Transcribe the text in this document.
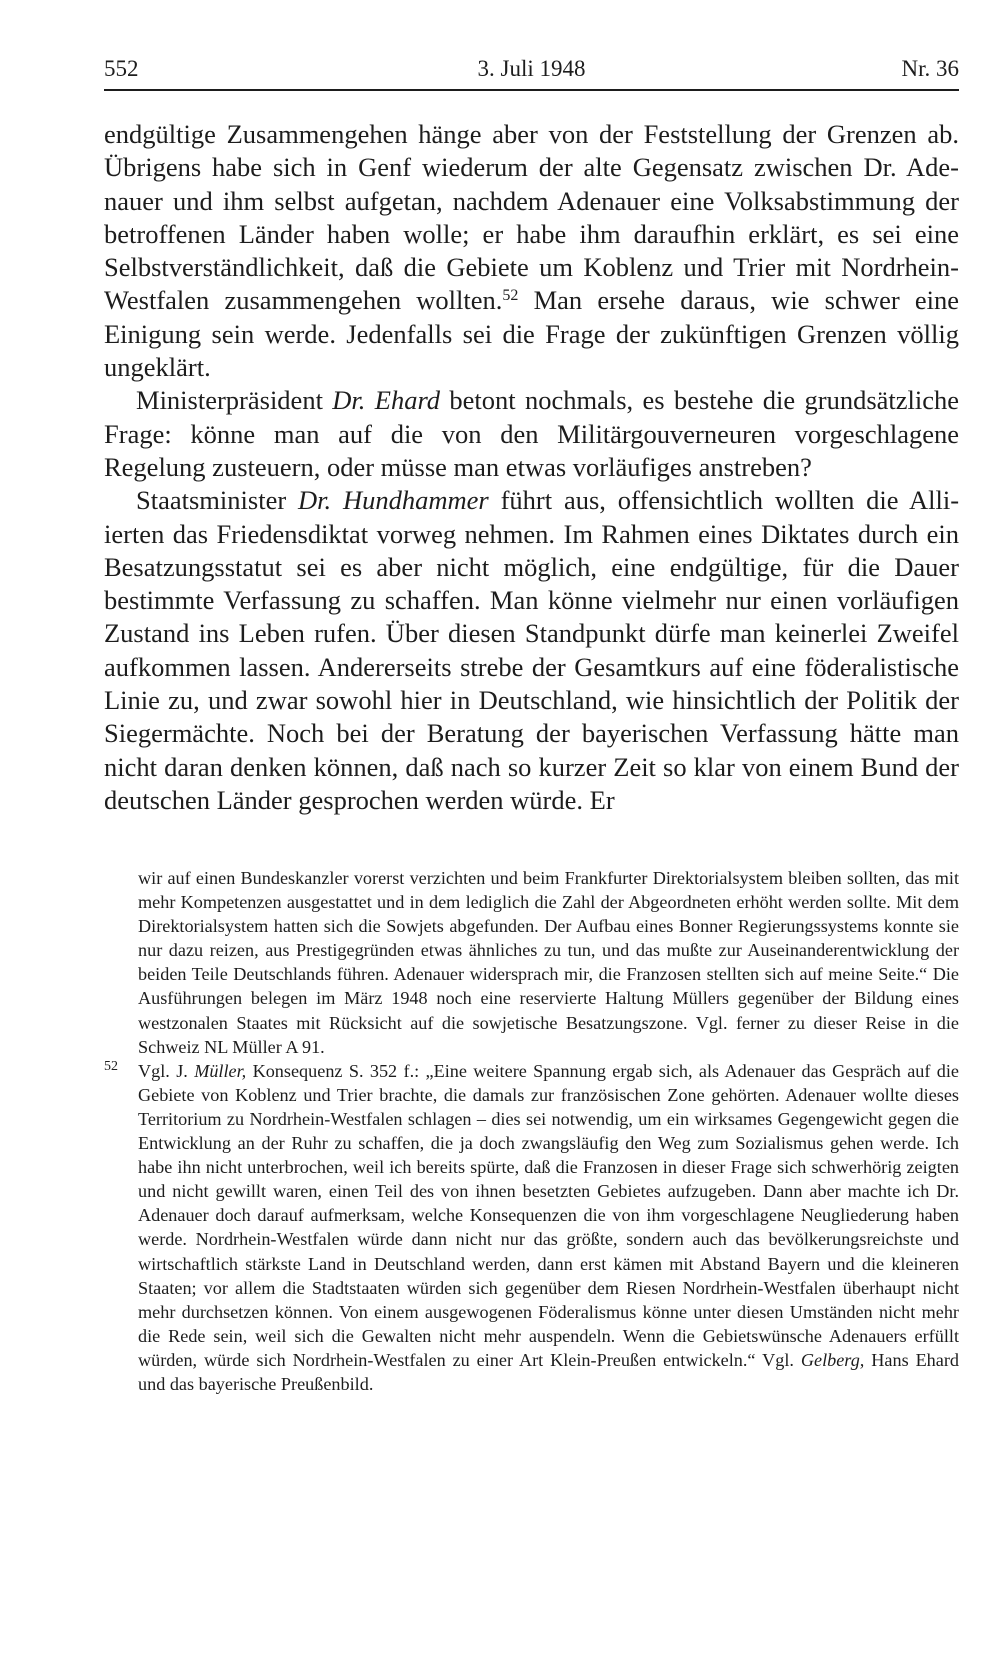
552	3. Juli 1948	Nr. 36

endgültige Zusammengehen hänge aber von der Feststellung der Grenzen ab. Übrigens habe sich in Genf wiederum der alte Gegensatz zwischen Dr. Adenauer und ihm selbst aufgetan, nachdem Adenauer eine Volksabstimmung der betroffenen Länder haben wolle; er habe ihm daraufhin erklärt, es sei eine Selbstverständlichkeit, daß die Gebiete um Koblenz und Trier mit Nordrhein-Westfalen zusammengehen wollten.$^{52}$ Man ersehe daraus, wie schwer eine Einigung sein werde. Jedenfalls sei die Frage der zukünftigen Grenzen völlig ungeklärt.

Ministerpräsident Dr. Ehard betont nochmals, es bestehe die grundsätzliche Frage: könne man auf die von den Militärgouverneuren vorgeschlagene Regelung zusteuern, oder müsse man etwas vorläufiges anstreben?

Staatsminister Dr. Hundhammer führt aus, offensichtlich wollten die Alliierten das Friedensdiktat vorweg nehmen. Im Rahmen eines Diktates durch ein Besatzungsstatut sei es aber nicht möglich, eine endgültige, für die Dauer bestimmte Verfassung zu schaffen. Man könne vielmehr nur einen vorläufigen Zustand ins Leben rufen. Über diesen Standpunkt dürfe man keinerlei Zweifel aufkommen lassen. Andererseits strebe der Gesamtkurs auf eine föderalistische Linie zu, und zwar sowohl hier in Deutschland, wie hinsichtlich der Politik der Siegermächte. Noch bei der Beratung der bayerischen Verfassung hätte man nicht daran denken können, daß nach so kurzer Zeit so klar von einem Bund der deutschen Länder gesprochen werden würde. Er

wir auf einen Bundeskanzler vorerst verzichten und beim Frankfurter Direktorialsystem bleiben sollten, das mit mehr Kompetenzen ausgestattet und in dem lediglich die Zahl der Abgeordneten erhöht werden sollte. Mit dem Direktorialsystem hatten sich die Sowjets abgefunden. Der Aufbau eines Bonner Regierungssystems konnte sie nur dazu reizen, aus Prestigegründen etwas ähnliches zu tun, und das mußte zur Auseinanderentwicklung der beiden Teile Deutschlands führen. Adenauer widersprach mir, die Franzosen stellten sich auf meine Seite.“ Die Ausführungen belegen im März 1948 noch eine reservierte Haltung Müllers gegenüber der Bildung eines westzonalen Staates mit Rücksicht auf die sowjetische Besatzungszone. Vgl. ferner zu dieser Reise in die Schweiz NL Müller A 91.

52 Vgl. J. Müller, Konsequenz S. 352 f.: „Eine weitere Spannung ergab sich, als Adenauer das Gespräch auf die Gebiete von Koblenz und Trier brachte, die damals zur französischen Zone gehörten. Adenauer wollte dieses Territorium zu Nordrhein-Westfalen schlagen – dies sei notwendig, um ein wirksames Gegengewicht gegen die Entwicklung an der Ruhr zu schaffen, die ja doch zwangsläufig den Weg zum Sozialismus gehen werde. Ich habe ihn nicht unterbrochen, weil ich bereits spürte, daß die Franzosen in dieser Frage sich schwerhörig zeigten und nicht gewillt waren, einen Teil des von ihnen besetzten Gebietes aufzugeben. Dann aber machte ich Dr. Adenauer doch darauf aufmerksam, welche Konsequenzen die von ihm vorgeschlagene Neugliederung haben werde. Nordrhein-Westfalen würde dann nicht nur das größte, sondern auch das bevölkerungsreichste und wirtschaftlich stärkste Land in Deutschland werden, dann erst kämen mit Abstand Bayern und die kleineren Staaten; vor allem die Stadtstaaten würden sich gegenüber dem Riesen Nordrhein-Westfalen überhaupt nicht mehr durchsetzen können. Von einem ausgewogenen Föderalismus könne unter diesen Umständen nicht mehr die Rede sein, weil sich die Gewalten nicht mehr auspendeln. Wenn die Gebietswünsche Adenauers erfüllt würden, würde sich Nordrhein-Westfalen zu einer Art Klein-Preußen entwickeln.“ Vgl. Gelberg, Hans Ehard und das bayerische Preußenbild.
